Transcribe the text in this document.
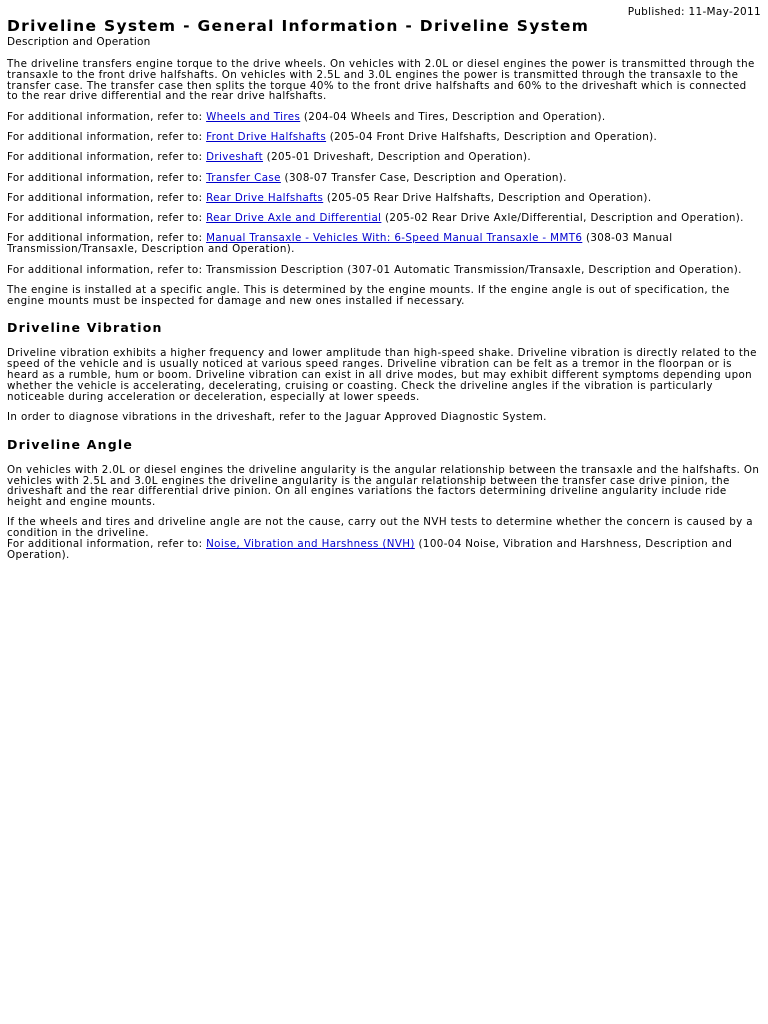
Published: 11-May-2011
Driveline System - General Information - Driveline System
Description and Operation

The driveline transfers engine torque to the drive wheels. On vehicles with 2.0L or diesel engines the power is transmitted through the transaxle to the front drive halfshafts. On vehicles with 2.5L and 3.0L engines the power is transmitted through the transaxle to the transfer case. The transfer case then splits the torque 40% to the front drive halfshafts and 60% to the driveshaft which is connected to the rear drive differential and the rear drive halfshafts.

For additional information, refer to: Wheels and Tires (204-04 Wheels and Tires, Description and Operation).

For additional information, refer to: Front Drive Halfshafts (205-04 Front Drive Halfshafts, Description and Operation).

For additional information, refer to: Driveshaft (205-01 Driveshaft, Description and Operation).

For additional information, refer to: Transfer Case (308-07 Transfer Case, Description and Operation).

For additional information, refer to: Rear Drive Halfshafts (205-05 Rear Drive Halfshafts, Description and Operation).

For additional information, refer to: Rear Drive Axle and Differential (205-02 Rear Drive Axle/Differential, Description and Operation).

For additional information, refer to: Manual Transaxle - Vehicles With: 6-Speed Manual Transaxle - MMT6 (308-03 Manual Transmission/Transaxle, Description and Operation).

For additional information, refer to: Transmission Description (307-01 Automatic Transmission/Transaxle, Description and Operation).

The engine is installed at a specific angle. This is determined by the engine mounts. If the engine angle is out of specification, the engine mounts must be inspected for damage and new ones installed if necessary.

Driveline Vibration

Driveline vibration exhibits a higher frequency and lower amplitude than high-speed shake. Driveline vibration is directly related to the speed of the vehicle and is usually noticed at various speed ranges. Driveline vibration can be felt as a tremor in the floorpan or is heard as a rumble, hum or boom. Driveline vibration can exist in all drive modes, but may exhibit different symptoms depending upon whether the vehicle is accelerating, decelerating, cruising or coasting. Check the driveline angles if the vibration is particularly noticeable during acceleration or deceleration, especially at lower speeds.

In order to diagnose vibrations in the driveshaft, refer to the Jaguar Approved Diagnostic System.

Driveline Angle

On vehicles with 2.0L or diesel engines the driveline angularity is the angular relationship between the transaxle and the halfshafts. On vehicles with 2.5L and 3.0L engines the driveline angularity is the angular relationship between the transfer case drive pinion, the driveshaft and the rear differential drive pinion. On all engines variations the factors determining driveline angularity include ride height and engine mounts.

If the wheels and tires and driveline angle are not the cause, carry out the NVH tests to determine whether the concern is caused by a condition in the driveline.

For additional information, refer to: Noise, Vibration and Harshness (NVH) (100-04 Noise, Vibration and Harshness, Description and Operation).
